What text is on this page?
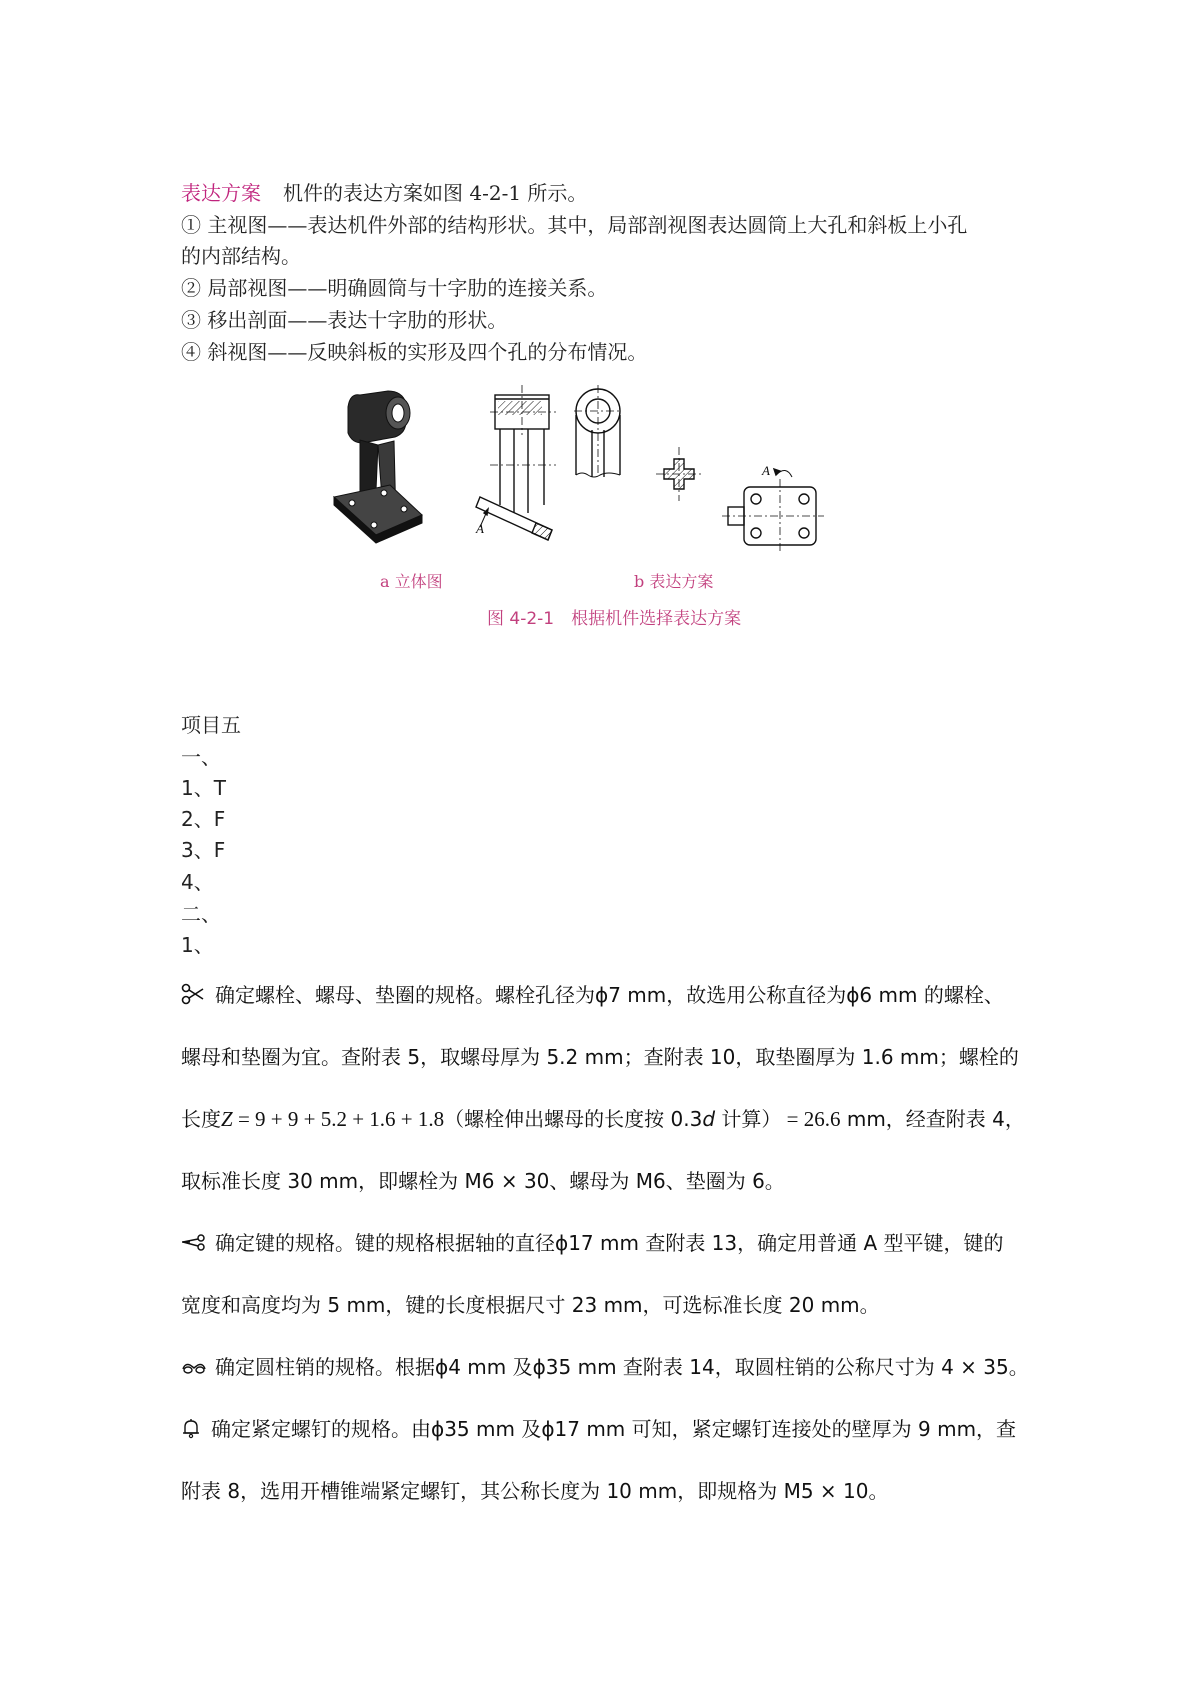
表达方案 机件的表达方案如图 4-2-1 所示。
① 主视图——表达机件外部的结构形状。其中，局部剖视图表达圆筒上大孔和斜板上小孔
的内部结构。
② 局部视图——明确圆筒与十字肋的连接关系。
③ 移出剖面——表达十字肋的形状。
④ 斜视图——反映斜板的实形及四个孔的分布情况。
A
A
a 立体图	b 表达方案
图 4-2-1　根据机件选择表达方案
项目五
一、
1、T
2、F
3、F
4、
二、
1、
确定螺栓、螺母、垫圈的规格。螺栓孔径为ϕ7 mm，故选用公称直径为ϕ6 mm 的螺栓、
螺母和垫圈为宜。查附表 5，取螺母厚为 5.2 mm；查附表 10，取垫圈厚为 1.6 mm；螺栓的
长度Z = 9 + 9 + 5.2 + 1.6 + 1.8（螺栓伸出螺母的长度按 0.3d 计算） = 26.6 mm，经查附表 4，
取标准长度 30 mm，即螺栓为 M6 × 30、螺母为 M6、垫圈为 6。
确定键的规格。键的规格根据轴的直径ϕ17 mm 查附表 13，确定用普通 A 型平键，键的
宽度和高度均为 5 mm，键的长度根据尺寸 23 mm，可选标准长度 20 mm。
确定圆柱销的规格。根据ϕ4 mm 及ϕ35 mm 查附表 14，取圆柱销的公称尺寸为 4 × 35。
确定紧定螺钉的规格。由ϕ35 mm 及ϕ17 mm 可知，紧定螺钉连接处的壁厚为 9 mm，查
附表 8，选用开槽锥端紧定螺钉，其公称长度为 10 mm，即规格为 M5 × 10。
